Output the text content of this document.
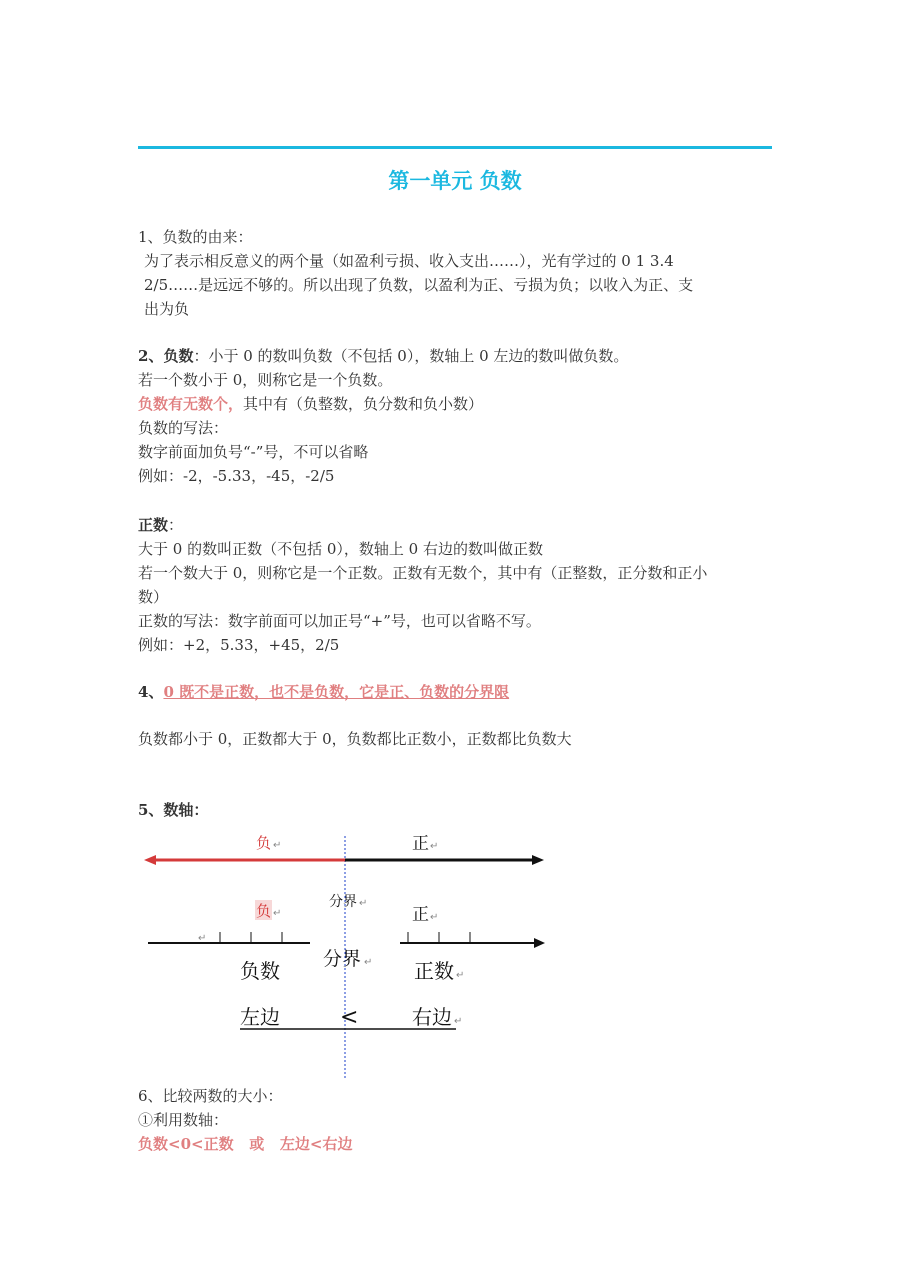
第一单元 负数
1、负数的由来：
为了表示相反意义的两个量（如盈利亏损、收入支出……），光有学过的 0 1 3.4
2/5……是远远不够的。所以出现了负数，以盈利为正、亏损为负；以收入为正、支
出为负
2、负数：小于 0 的数叫负数（不包括 0），数轴上 0 左边的数叫做负数。
若一个数小于 0，则称它是一个负数。
负数有无数个，其中有（负整数，负分数和负小数）
负数的写法：
数字前面加负号“-”号，不可以省略
例如：-2，-5.33，-45，-2/5
正数：
大于 0 的数叫正数（不包括 0），数轴上 0 右边的数叫做正数
若一个数大于 0，则称它是一个正数。正数有无数个，其中有（正整数，正分数和正小
数）
正数的写法：数字前面可以加正号“+”号，也可以省略不写。
例如：+2，5.33，+45，2/5
4、0 既不是正数，也不是负数，它是正、负数的分界限
负数都小于 0，正数都大于 0，负数都比正数小，正数都比负数大
5、数轴：
负 ↵	正 ↵
分界 ↵
负 ↵	正 ↵
↵
负数 分界 ↵ 正数 ↵
左边	<	右边 ↵
6、比较两数的大小：
①利用数轴：
负数<0<正数   或   左边<右边
